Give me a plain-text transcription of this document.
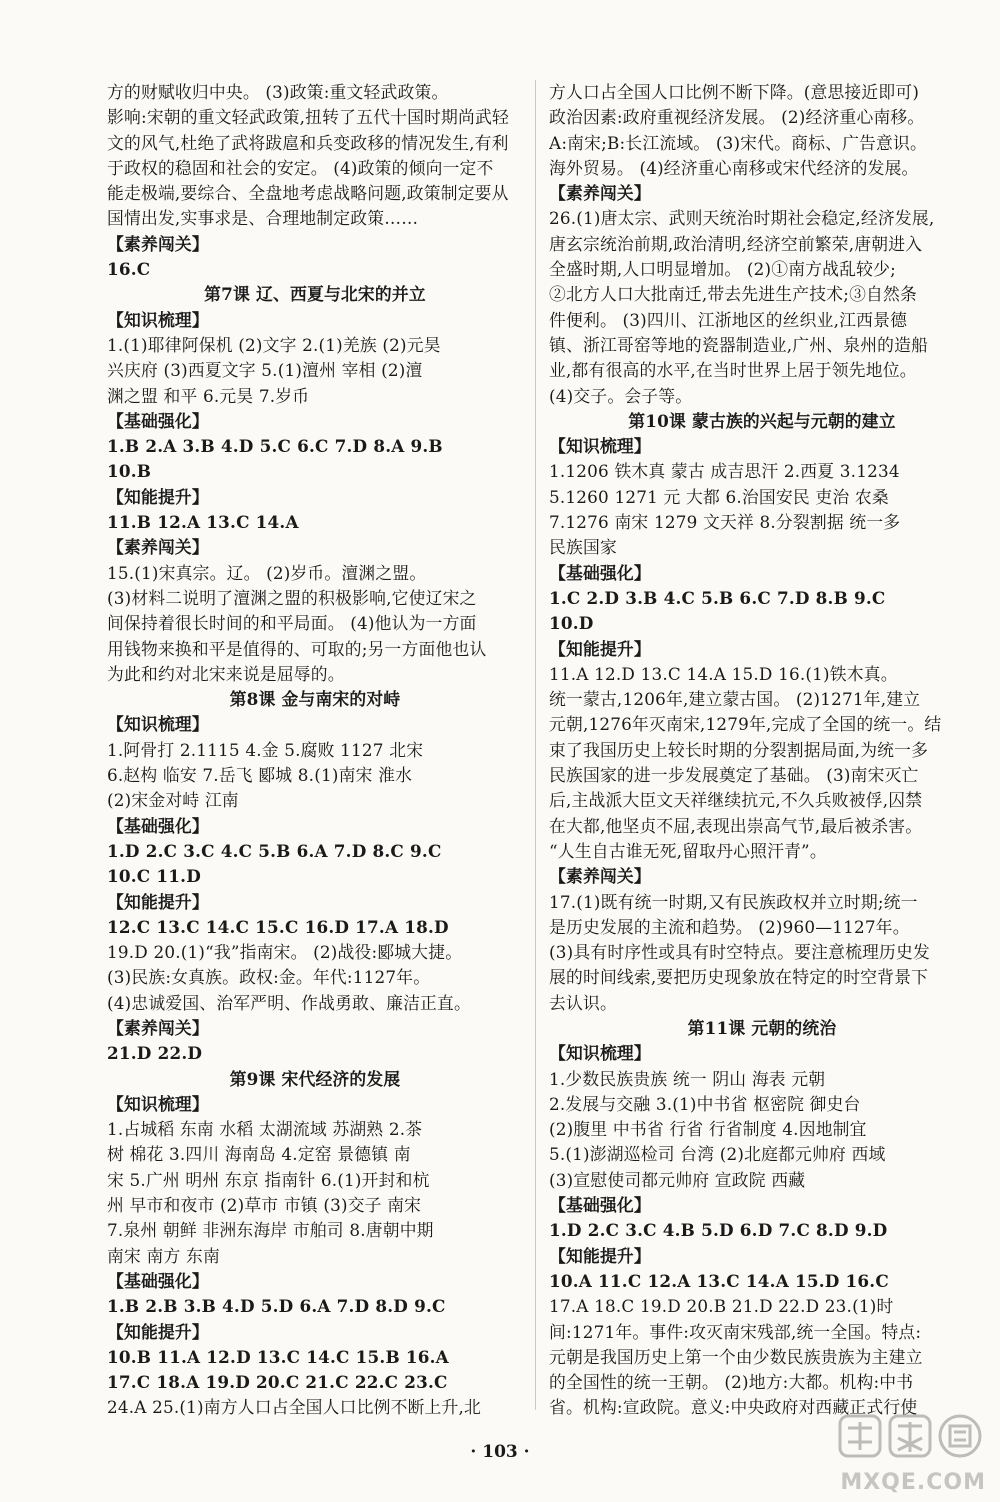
方的财赋收归中央。 (3)政策:重文轻武政策。
影响:宋朝的重文轻武政策,扭转了五代十国时期尚武轻
文的风气,杜绝了武将跋扈和兵变政移的情况发生,有利
于政权的稳固和社会的安定。 (4)政策的倾向一定不
能走极端,要综合、全盘地考虑战略问题,政策制定要从
国情出发,实事求是、合理地制定政策……
【素养闯关】
16.C
第7课 辽、西夏与北宋的并立
【知识梳理】
1.(1)耶律阿保机 (2)文字 2.(1)羌族 (2)元昊
兴庆府 (3)西夏文字 5.(1)澶州 宰相 (2)澶
渊之盟 和平 6.元昊 7.岁币
【基础强化】
1.B 2.A 3.B 4.D 5.C 6.C 7.D 8.A 9.B
10.B
【知能提升】
11.B 12.A 13.C 14.A
【素养闯关】
15.(1)宋真宗。辽。 (2)岁币。澶渊之盟。
(3)材料二说明了澶渊之盟的积极影响,它使辽宋之
间保持着很长时间的和平局面。 (4)他认为一方面
用钱物来换和平是值得的、可取的;另一方面他也认
为此和约对北宋来说是屈辱的。
第8课 金与南宋的对峙
【知识梳理】
1.阿骨打 2.1115 4.金 5.腐败 1127 北宋
6.赵构 临安 7.岳飞 郾城 8.(1)南宋 淮水
(2)宋金对峙 江南
【基础强化】
1.D 2.C 3.C 4.C 5.B 6.A 7.D 8.C 9.C
10.C 11.D
【知能提升】
12.C 13.C 14.C 15.C 16.D 17.A 18.D
19.D 20.(1)“我”指南宋。 (2)战役:郾城大捷。
(3)民族:女真族。政权:金。年代:1127年。
(4)忠诚爱国、治军严明、作战勇敢、廉洁正直。
【素养闯关】
21.D 22.D
第9课 宋代经济的发展
【知识梳理】
1.占城稻 东南 水稻 太湖流域 苏湖熟 2.茶
树 棉花 3.四川 海南岛 4.定窑 景德镇 南
宋 5.广州 明州 东京 指南针 6.(1)开封和杭
州 早市和夜市 (2)草市 市镇 (3)交子 南宋
7.泉州 朝鲜 非洲东海岸 市舶司 8.唐朝中期
南宋 南方 东南
【基础强化】
1.B 2.B 3.B 4.D 5.D 6.A 7.D 8.D 9.C
【知能提升】
10.B 11.A 12.D 13.C 14.C 15.B 16.A
17.C 18.A 19.D 20.C 21.C 22.C 23.C
24.A 25.(1)南方人口占全国人口比例不断上升,北
方人口占全国人口比例不断下降。(意思接近即可)
政治因素:政府重视经济发展。 (2)经济重心南移。
A:南宋;B:长江流域。 (3)宋代。商标、广告意识。
海外贸易。 (4)经济重心南移或宋代经济的发展。
【素养闯关】
26.(1)唐太宗、武则天统治时期社会稳定,经济发展,
唐玄宗统治前期,政治清明,经济空前繁荣,唐朝进入
全盛时期,人口明显增加。 (2)①南方战乱较少;
②北方人口大批南迁,带去先进生产技术;③自然条
件便利。 (3)四川、江浙地区的丝织业,江西景德
镇、浙江哥窑等地的瓷器制造业,广州、泉州的造船
业,都有很高的水平,在当时世界上居于领先地位。
(4)交子。会子等。
第10课 蒙古族的兴起与元朝的建立
【知识梳理】
1.1206 铁木真 蒙古 成吉思汗 2.西夏 3.1234
5.1260 1271 元 大都 6.治国安民 吏治 农桑
7.1276 南宋 1279 文天祥 8.分裂割据 统一多
民族国家
【基础强化】
1.C 2.D 3.B 4.C 5.B 6.C 7.D 8.B 9.C
10.D
【知能提升】
11.A 12.D 13.C 14.A 15.D 16.(1)铁木真。
统一蒙古,1206年,建立蒙古国。 (2)1271年,建立
元朝,1276年灭南宋,1279年,完成了全国的统一。结
束了我国历史上较长时期的分裂割据局面,为统一多
民族国家的进一步发展奠定了基础。 (3)南宋灭亡
后,主战派大臣文天祥继续抗元,不久兵败被俘,囚禁
在大都,他坚贞不屈,表现出崇高气节,最后被杀害。
“人生自古谁无死,留取丹心照汗青”。
【素养闯关】
17.(1)既有统一时期,又有民族政权并立时期;统一
是历史发展的主流和趋势。 (2)960—1127年。
(3)具有时序性或具有时空特点。要注意梳理历史发
展的时间线索,要把历史现象放在特定的时空背景下
去认识。
第11课 元朝的统治
【知识梳理】
1.少数民族贵族 统一 阴山 海表 元朝
2.发展与交融 3.(1)中书省 枢密院 御史台
(2)腹里 中书省 行省 行省制度 4.因地制宜
5.(1)澎湖巡检司 台湾 (2)北庭都元帅府 西域
(3)宣慰使司都元帅府 宣政院 西藏
【基础强化】
1.D 2.C 3.C 4.B 5.D 6.D 7.C 8.D 9.D
【知能提升】
10.A 11.C 12.A 13.C 14.A 15.D 16.C
17.A 18.C 19.D 20.B 21.D 22.D 23.(1)时
间:1271年。事件:攻灭南宋残部,统一全国。特点:
元朝是我国历史上第一个由少数民族贵族为主建立
的全国性的统一王朝。 (2)地方:大都。机构:中书
省。机构:宣政院。意义:中央政府对西藏正式行使
· 103 ·
MXQE.COM
